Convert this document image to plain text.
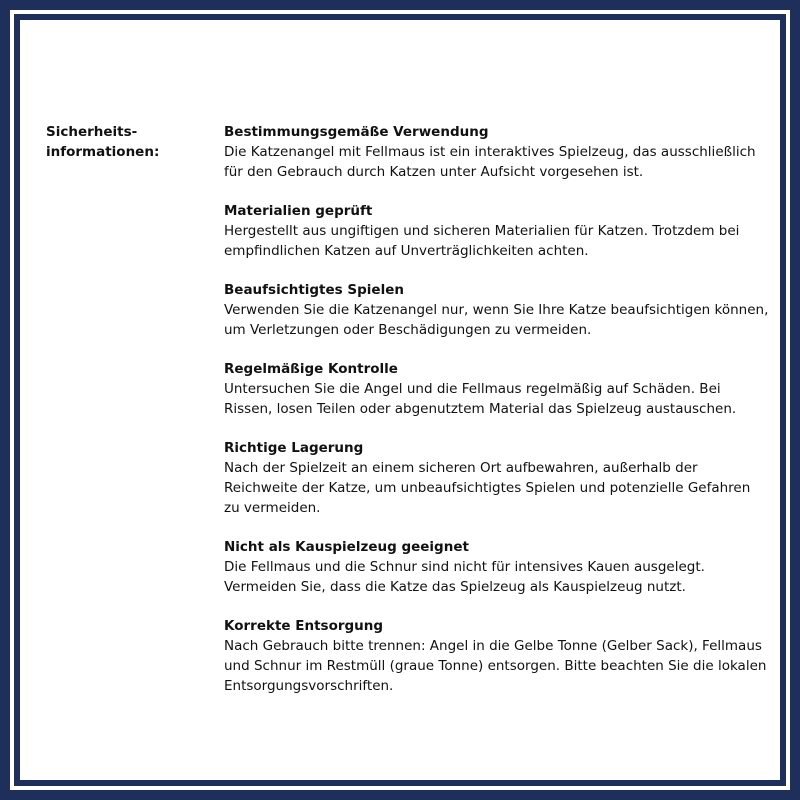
Sicherheits-
informationen:
Bestimmungsgemäße Verwendung
Die Katzenangel mit Fellmaus ist ein interaktives Spielzeug, das ausschließlich für den Gebrauch durch Katzen unter Aufsicht vorgesehen ist.
Materialien geprüft
Hergestellt aus ungiftigen und sicheren Materialien für Katzen. Trotzdem bei empfindlichen Katzen auf Unverträglichkeiten achten.
Beaufsichtigtes Spielen
Verwenden Sie die Katzenangel nur, wenn Sie Ihre Katze beaufsichtigen können, um Verletzungen oder Beschädigungen zu vermeiden.
Regelmäßige Kontrolle
Untersuchen Sie die Angel und die Fellmaus regelmäßig auf Schäden. Bei Rissen, losen Teilen oder abgenutztem Material das Spielzeug austauschen.
Richtige Lagerung
Nach der Spielzeit an einem sicheren Ort aufbewahren, außerhalb der Reichweite der Katze, um unbeaufsichtigtes Spielen und potenzielle Gefahren zu vermeiden.
Nicht als Kauspielzeug geeignet
Die Fellmaus und die Schnur sind nicht für intensives Kauen ausgelegt. Vermeiden Sie, dass die Katze das Spielzeug als Kauspielzeug nutzt.
Korrekte Entsorgung
Nach Gebrauch bitte trennen: Angel in die Gelbe Tonne (Gelber Sack), Fellmaus und Schnur im Restmüll (graue Tonne) entsorgen. Bitte beachten Sie die lokalen Entsorgungsvorschriften.
